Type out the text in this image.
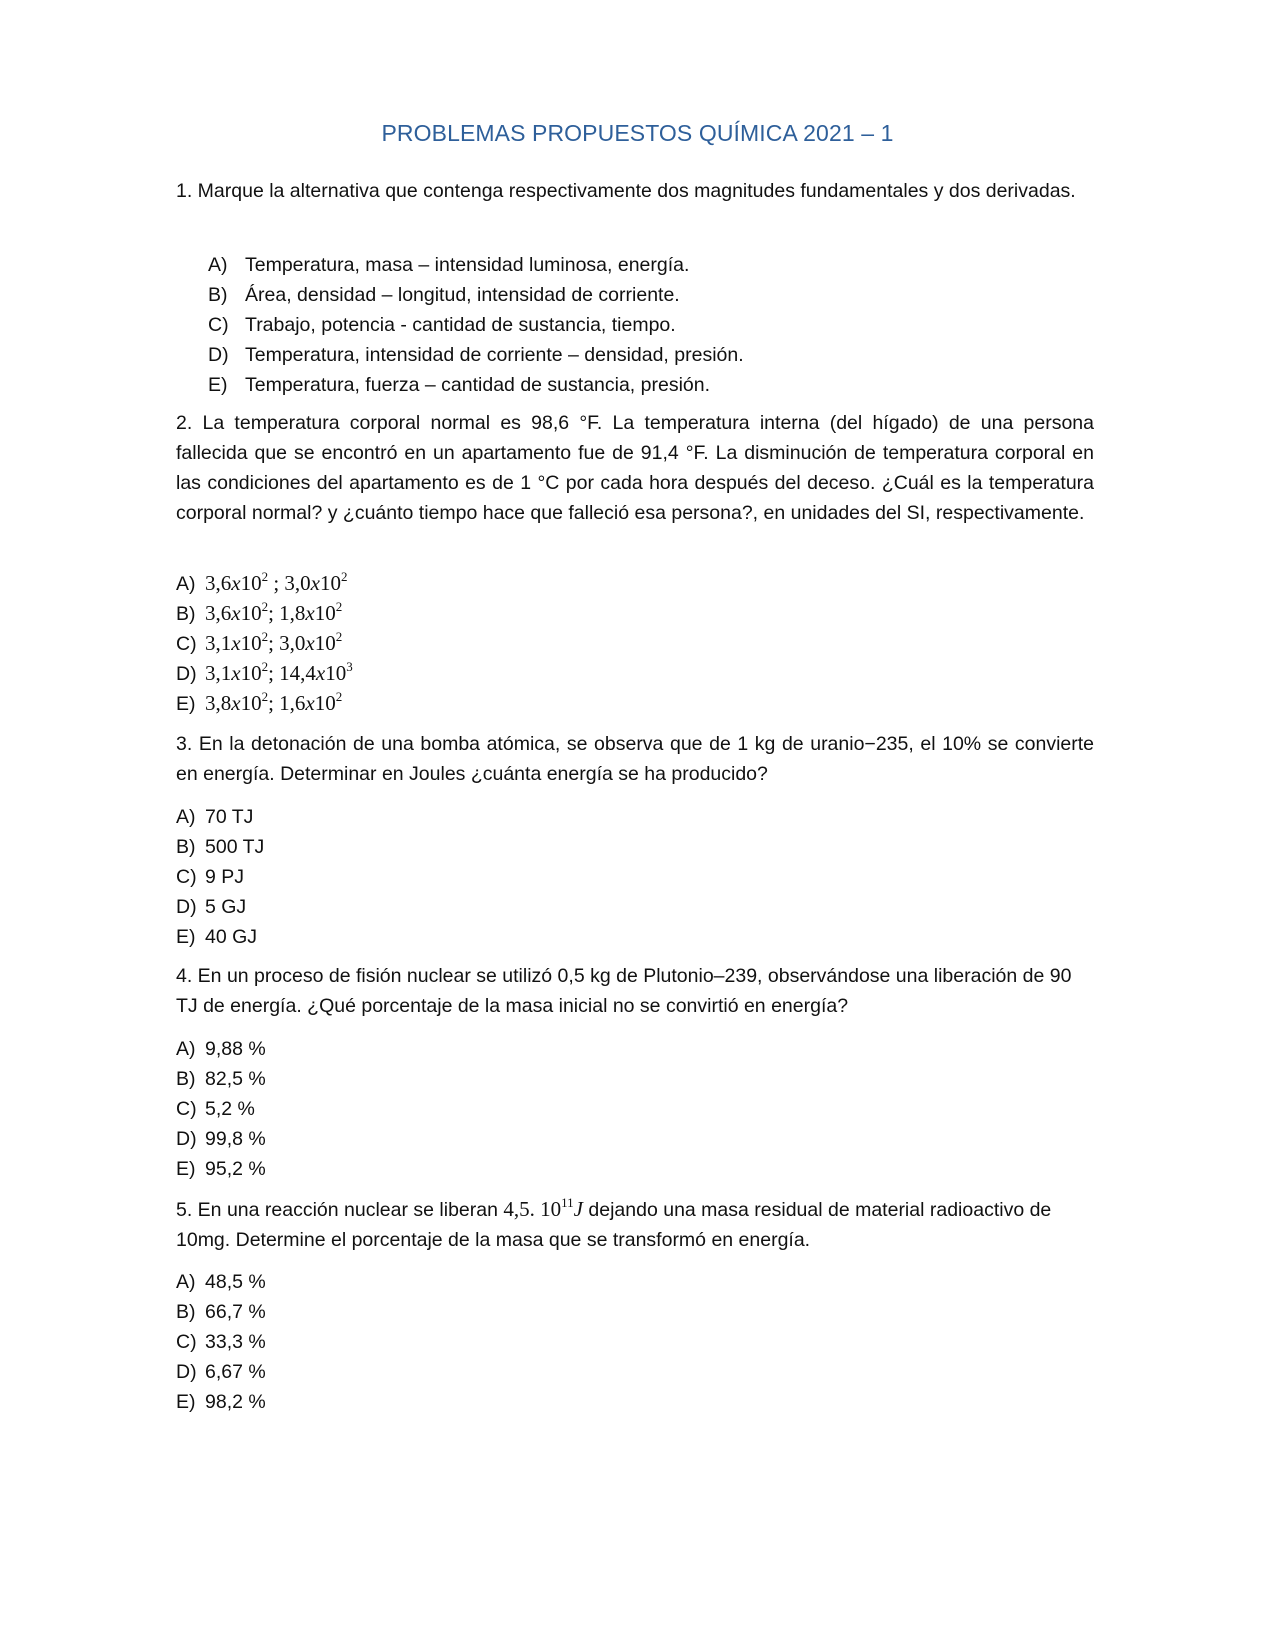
PROBLEMAS PROPUESTOS QUÍMICA 2021 – 1
1. Marque la alternativa que contenga respectivamente dos magnitudes fundamentales y dos derivadas.
A) Temperatura, masa – intensidad luminosa, energía.
B) Área, densidad – longitud, intensidad de corriente.
C) Trabajo, potencia - cantidad de sustancia, tiempo.
D) Temperatura, intensidad de corriente – densidad, presión.
E) Temperatura, fuerza – cantidad de sustancia, presión.
2. La temperatura corporal normal es 98,6 °F. La temperatura interna (del hígado) de una persona fallecida que se encontró en un apartamento fue de 91,4 °F. La disminución de temperatura corporal en las condiciones del apartamento es de 1 °C por cada hora después del deceso. ¿Cuál es la temperatura corporal normal? y ¿cuánto tiempo hace que falleció esa persona?, en unidades del SI, respectivamente.
A) $3,6x10^2$ ; $3,0x10^2$
B) $3,6x10^2$; $1,8x10^2$
C) $3,1x10^2$; $3,0x10^2$
D) $3,1x10^2$; $14,4x10^3$
E) $3,8x10^2$; $1,6x10^2$
3. En la detonación de una bomba atómica, se observa que de 1 kg de uranio−235, el 10% se convierte en energía. Determinar en Joules ¿cuánta energía se ha producido?
A) 70 TJ
B) 500 TJ
C) 9 PJ
D) 5 GJ
E) 40 GJ
4. En un proceso de fisión nuclear se utilizó 0,5 kg de Plutonio–239, observándose una liberación de 90 TJ de energía. ¿Qué porcentaje de la masa inicial no se convirtió en energía?
A) 9,88 %
B) 82,5 %
C) 5,2 %
D) 99,8 %
E) 95,2 %
5. En una reacción nuclear se liberan 4,5. $10^{11}J$ dejando una masa residual de material radioactivo de 10mg. Determine el porcentaje de la masa que se transformó en energía.
A) 48,5 %
B) 66,7 %
C) 33,3 %
D) 6,67 %
E) 98,2 %
